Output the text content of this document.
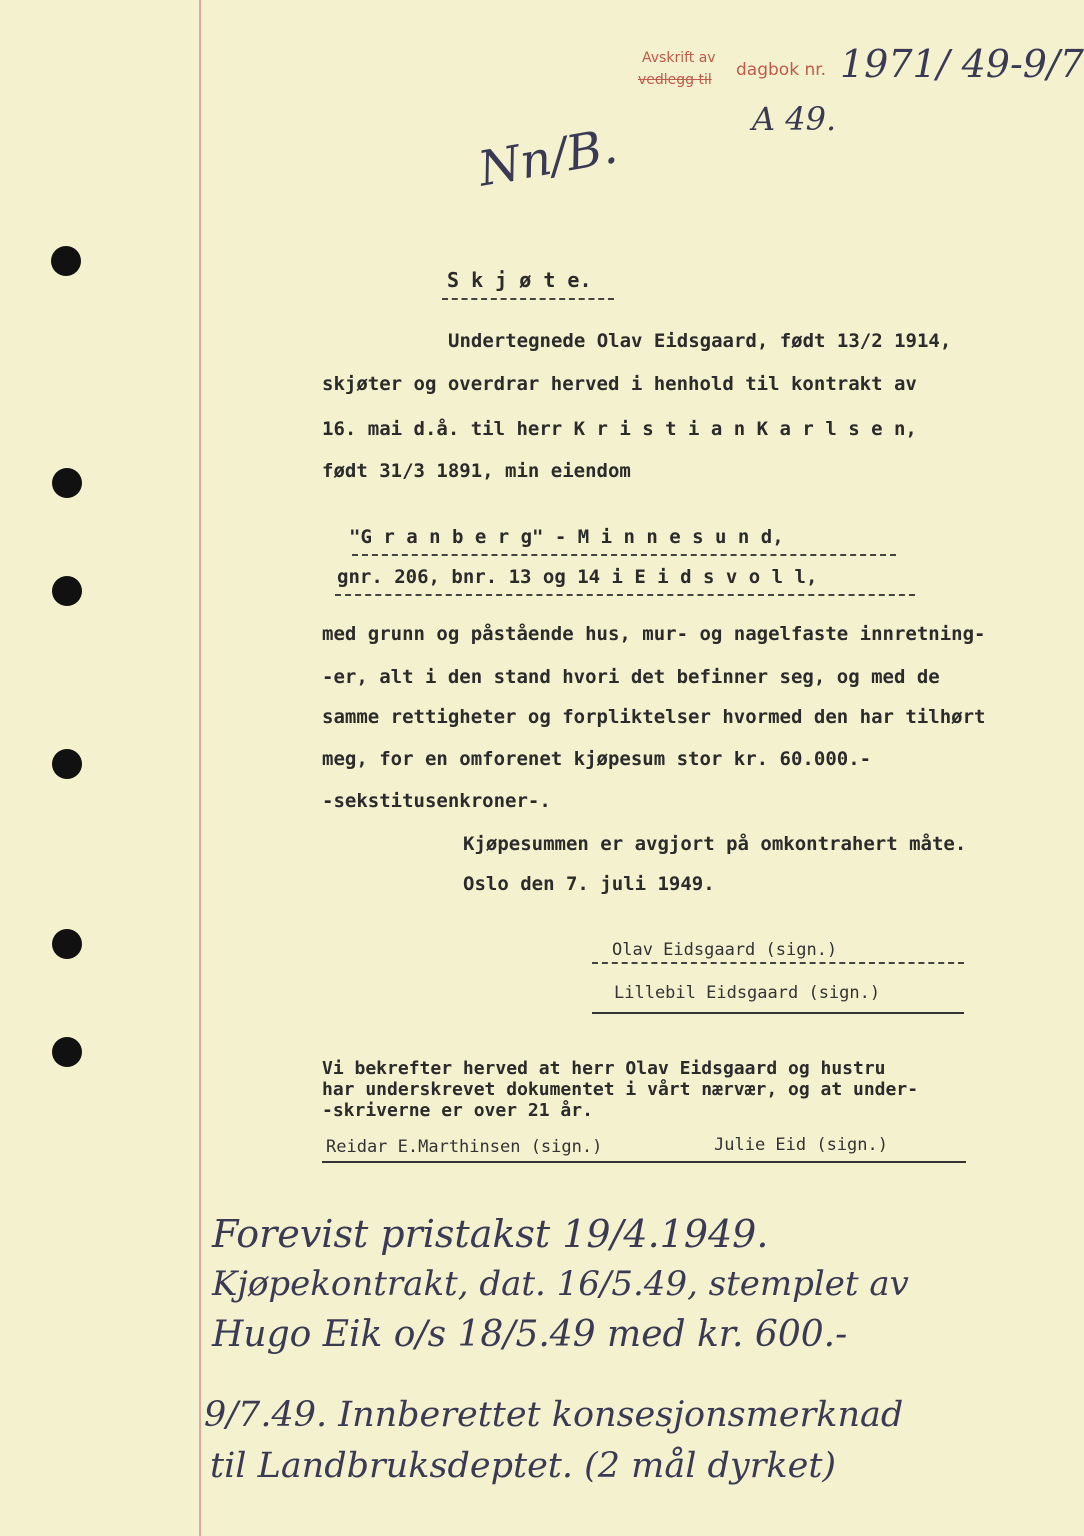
Avskrift av
vedlegg til dagbok nr. 1971/ 49-9/7
A 49.
Nn/B.
S k j ø t e.
Undertegnede Olav Eidsgaard, født 13/2 1914,
skjøter og overdrar herved i henhold til kontrakt av
16. mai d.å. til herr K r i s t i a n K a r l s e n,
født 31/3 1891, min eiendom
"G r a n b e r g" - M i n n e s u n d,
gnr. 206, bnr. 13 og 14 i E i d s v o l l,
med grunn og påstående hus, mur- og nagelfaste innretning-
-er, alt i den stand hvori det befinner seg, og med de
samme rettigheter og forpliktelser hvormed den har tilhørt
meg, for en omforenet kjøpesum stor kr. 60.000.-
-sekstitusenkroner-.
Kjøpesummen er avgjort på omkontrahert måte.
Oslo den 7. juli 1949.
Olav Eidsgaard (sign.)
Lillebil Eidsgaard (sign.)
Vi bekrefter herved at herr Olav Eidsgaard og hustru
har underskrevet dokumentet i vårt nærvær, og at under-
-skriverne er over 21 år.
Reidar E.Marthinsen (sign.)	Julie Eid (sign.)
Forevist pristakst 19/4.1949.
Kjøpekontrakt, dat. 16/5.49, stemplet av
Hugo Eik o/s 18/5.49 med kr. 600.-
9/7.49. Innberettet konsesjonsmerknad
til Landbruksdeptet. (2 mål dyrket)
